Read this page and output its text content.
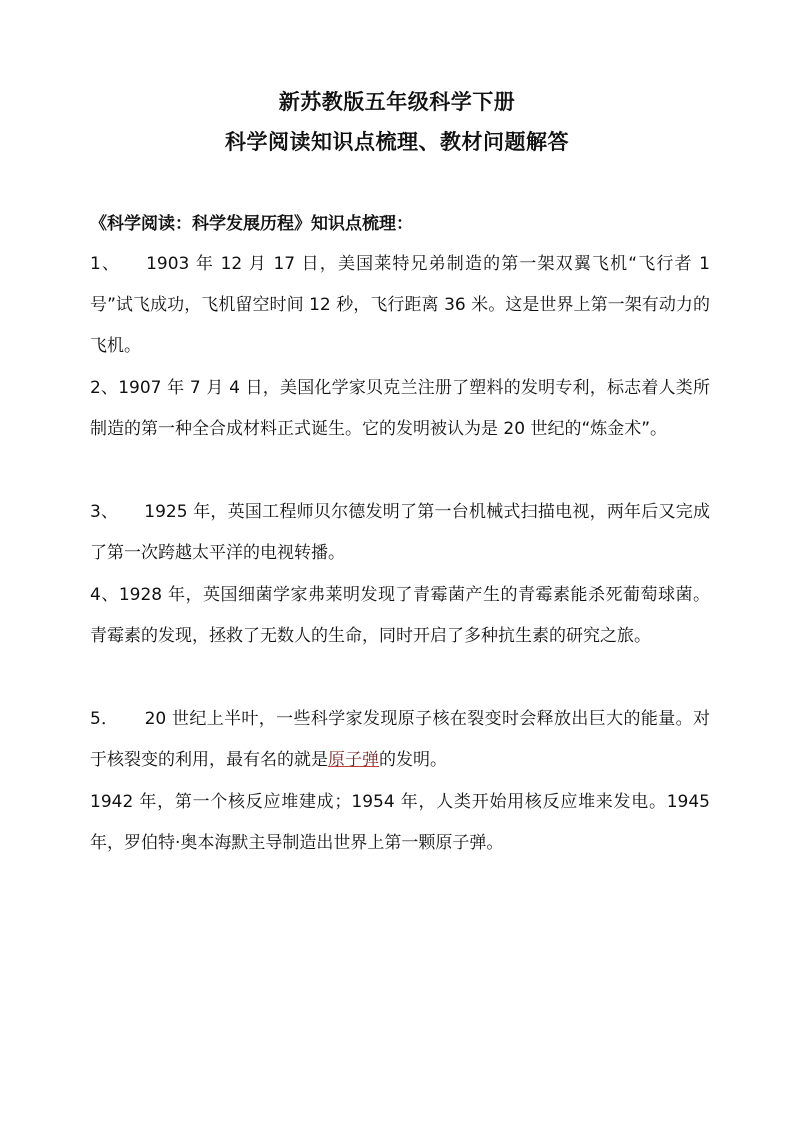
新苏教版五年级科学下册
科学阅读知识点梳理、教材问题解答
《科学阅读：科学发展历程》知识点梳理：
1、 1903 年 12 月 17 日，美国莱特兄弟制造的第一架双翼飞机“飞行者 1 号”试飞成功，飞机留空时间 12 秒，飞行距离 36 米。这是世界上第一架有动力的飞机。
2、1907 年 7 月 4 日，美国化学家贝克兰注册了塑料的发明专利，标志着人类所制造的第一种全合成材料正式诞生。它的发明被认为是 20 世纪的“炼金术”。
3、 1925 年，英国工程师贝尔德发明了第一台机械式扫描电视，两年后又完成了第一次跨越太平洋的电视转播。
4、1928 年，英国细菌学家弗莱明发现了青霉菌产生的青霉素能杀死葡萄球菌。青霉素的发现，拯救了无数人的生命，同时开启了多种抗生素的研究之旅。
5． 20 世纪上半叶，一些科学家发现原子核在裂变时会释放出巨大的能量。对于核裂变的利用，最有名的就是原子弹的发明。
1942 年，第一个核反应堆建成；1954 年，人类开始用核反应堆来发电。1945 年，罗伯特·奥本海默主导制造出世界上第一颗原子弹。
